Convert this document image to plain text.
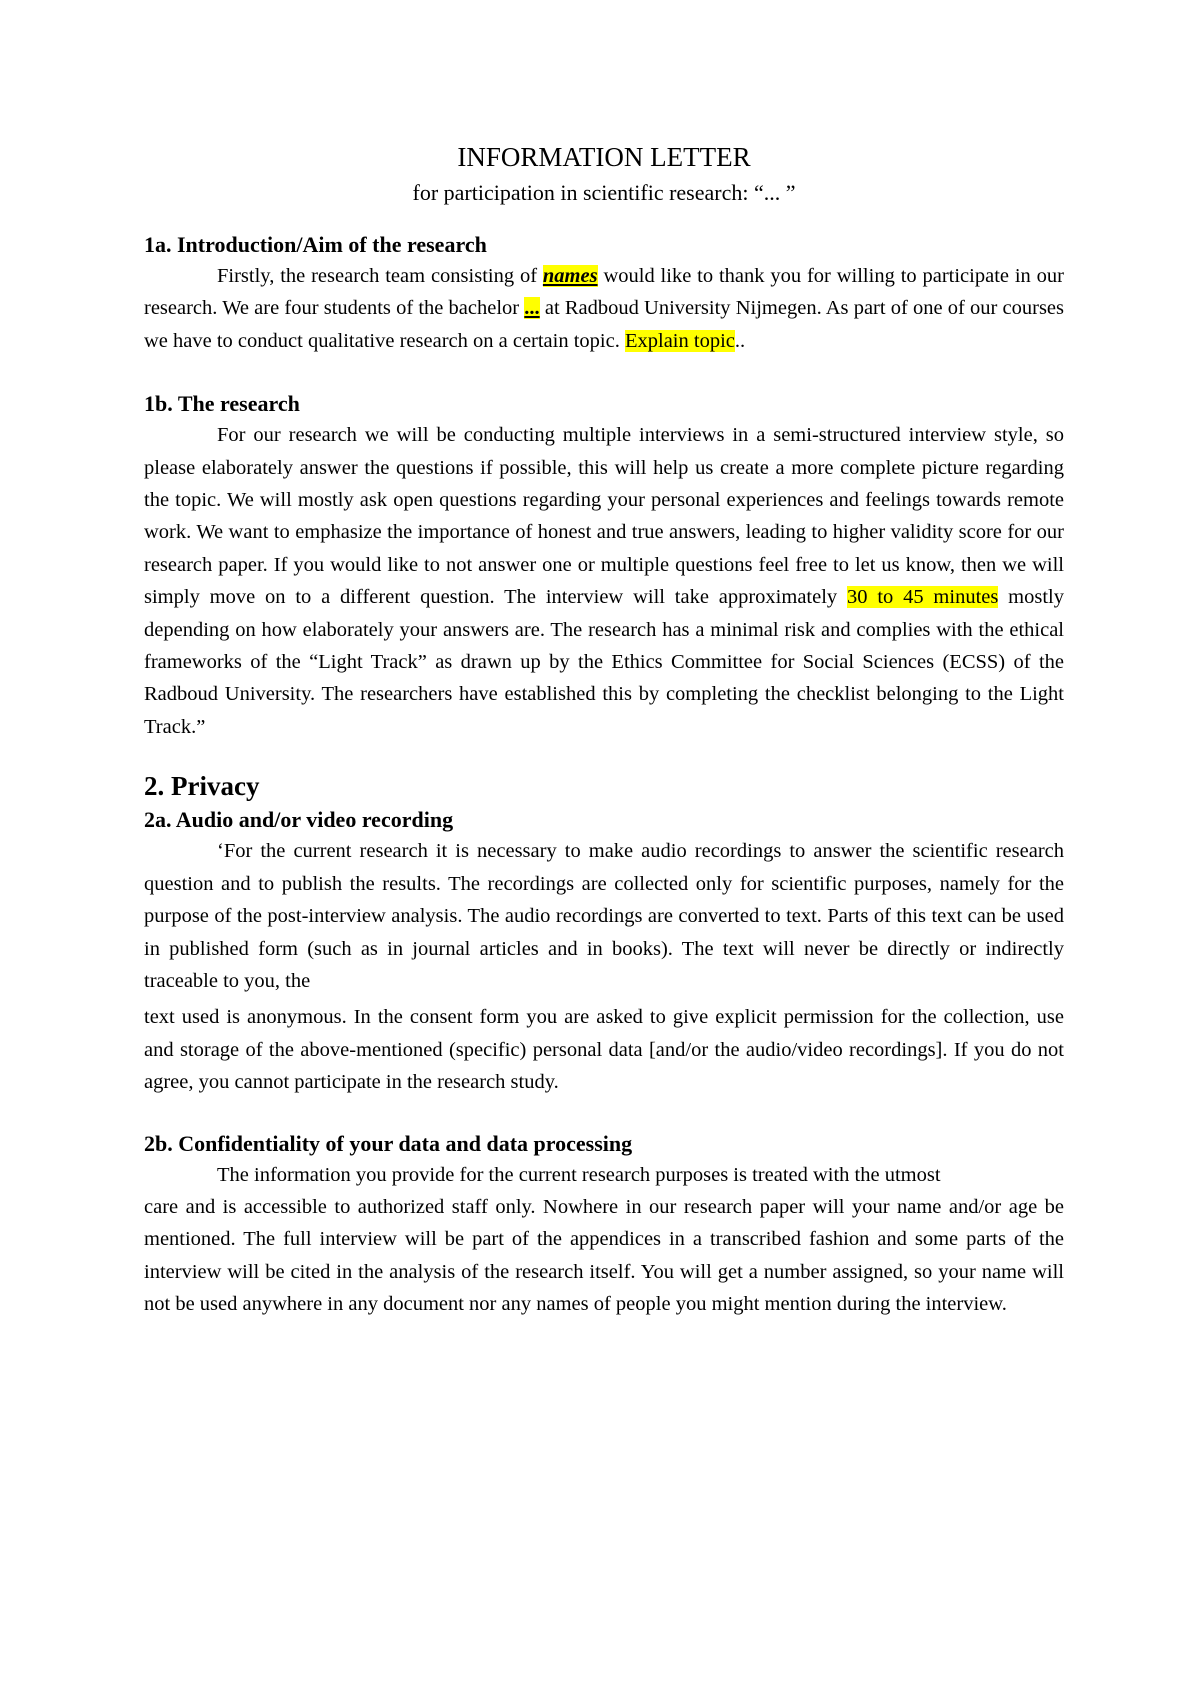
INFORMATION LETTER
for participation in scientific research: “... ”
1a. Introduction/Aim of the research

Firstly, the research team consisting of names would like to thank you for willing to participate in our research. We are four students of the bachelor ... at Radboud University Nijmegen. As part of one of our courses we have to conduct qualitative research on a certain topic. Explain topic..

1b. The research

For our research we will be conducting multiple interviews in a semi-structured interview style, so please elaborately answer the questions if possible, this will help us create a more complete picture regarding the topic. We will mostly ask open questions regarding your personal experiences and feelings towards remote work. We want to emphasize the importance of honest and true answers, leading to higher validity score for our research paper. If you would like to not answer one or multiple questions feel free to let us know, then we will simply move on to a different question. The interview will take approximately 30 to 45 minutes mostly depending on how elaborately your answers are. The research has a minimal risk and complies with the ethical frameworks of the “Light Track” as drawn up by the Ethics Committee for Social Sciences (ECSS) of the Radboud University. The researchers have established this by completing the checklist belonging to the Light Track.”

2. Privacy
2a. Audio and/or video recording

‘For the current research it is necessary to make audio recordings to answer the scientific research question and to publish the results. The recordings are collected only for scientific purposes, namely for the purpose of the post-interview analysis. The audio recordings are converted to text. Parts of this text can be used in published form (such as in journal articles and in books). The text will never be directly or indirectly traceable to you, the

text used is anonymous. In the consent form you are asked to give explicit permission for the collection, use and storage of the above-mentioned (specific) personal data [and/or the audio/video recordings]. If you do not agree, you cannot participate in the research study.

2b. Confidentiality of your data and data processing

The information you provide for the current research purposes is treated with the utmost

care and is accessible to authorized staff only. Nowhere in our research paper will your name and/or age be mentioned. The full interview will be part of the appendices in a transcribed fashion and some parts of the interview will be cited in the analysis of the research itself. You will get a number assigned, so your name will not be used anywhere in any document nor any names of people you might mention during the interview.
